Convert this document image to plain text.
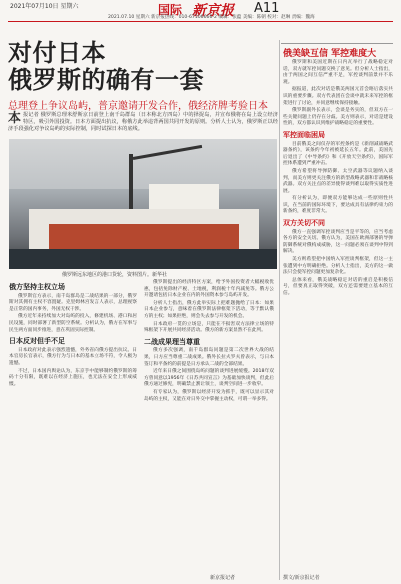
2021年07月10日 星期六	国际 新京报 A11
2021.07.10 星期六 新京报热线：010-67106666-2 编辑：张蕴 美编：陈朝 校对：赵琳 责编：魏海
对付日本
俄罗斯的确有一套
总理登上争议岛屿，普京邀请开发合作，俄经济牌考验日本
本 报记者 俄罗斯总理米舒斯京日前登上南千岛群岛（日本称北方四岛）中的择捉岛，并宣布俄将在岛上设立经济特区，吸引外国投资。日本方面提出抗议，称俄方此举违背两国共同开发的原则。分析人士认为，俄罗斯正以经济手段强化对争议岛屿的实际控制，同时试探日本的底线。
俄罗斯远东地区的港口货轮，资料图片。新华社
俄方坚持主权立场

俄罗斯官方表示，南千岛群岛是二战结果的一部分，俄罗斯对其拥有主权不容置疑。克里姆林宫发言人表示，总理视察是正常的国内事务，外国无权干涉。

俄方近年来持续加大对岛屿的投入，修建机场、港口和居民设施，同时部署了新型防空系统。分析认为，俄方在军事与民生两方面同步推进，意在巩固实际控制。

日本反对但手不足

日本政府对此表示强烈遗憾，外务省向俄方提出抗议。日本官房长官表示，俄方行为与日本的基本立场不符，令人极为遗憾。

不过，日本国内舆论认为，东京手中能够制约俄罗斯的筹码十分有限，既难以在经济上施压，也无法在安全上形成威慑。

俄罗斯提出的经济特区方案，给予外国投资者大幅税收优惠，包括免除财产税、土地税，利润税十年内减免等。俄方公开邀请包括日本企业在内的外国资本参与岛屿开发。

分析人士指出，俄方此举实际上把难题抛给了日本：如果日本企业参与，意味着在俄罗斯法律框架下活动，等于默认俄方的主权；如果拒绝，则会失去参与开发的机会。

日本政府一贯的立场是，只能在不损害双方法律立场的特殊框架下开展共同经济活动。俄方的新方案显然不在此列。

二战成果理当尊重

俄方多次强调，南千岛群岛问题是第二次世界大战的结果，日方应当尊重二战成果。俄外长拉夫罗夫曾表示，与日本签订和平条约的前提是日方承认二战的全部结果。

近年来日俄之间围绕岛屿问题的谈判进展缓慢。2018年双方曾同意以1956年《日苏共同宣言》为基础加快谈判，但此后俄方通过修宪，明确禁止割让领土，谈判空间进一步收窄。

有专家认为，俄罗斯以经济开发为抓手，既可以显示其对岛屿的主权，又能在对日外交中掌握主动权，可谓一举多得。

俄美缺互信 军控难度大

俄罗斯和美国近期在日内瓦举行了战略稳定对话，双方就军控问题交换了意见。但分析人士指出，由于两国之间互信严重不足，军控谈判前景并不乐观。

据报道，此次对话是俄美两国元首会晤后落实共识的重要步骤。双方代表团在会谈中就未来军控的框架进行了讨论，并同意继续保持接触。

俄罗斯副外长表示，会谈是务实的，但双方在一些关键问题上仍存在分歧。美方则表示，对话是建设性的，双方都认识到维护战略稳定的重要性。

军控面临困局

目前俄美之间仅存的军控条约是《新削减战略武器条约》，该条约今年初被延长五年。此前，美国先后退出了《中导条约》和《开放天空条约》，国际军控体系遭到严重冲击。

俄方希望将导弹防御、太空武器等议题纳入谈判，而美方则更关注俄方的新型战略武器和非战略核武器。双方关注点的差异使得谈判难以取得实质性进展。

有分析认为，即便双方能够达成一些原则性共识，在当前的国际环境下，要达成具有法律约束力的新条约，难度非常大。

双方关切不同

俄方一直强调军控谈判应当是平等的，应当考虑各方的安全关切。俄方认为，美国在欧洲部署的导弹防御系统对俄构成威胁，这一问题必须在谈判中得到解决。

美方则希望把中国纳入军控谈判框架，但这一主张遭到中方明确拒绝。分析人士指出，美方的这一做法只会使军控问题更加复杂化。

总体来看，俄美战略稳定对话的重启是积极信号，但要真正取得突破，双方还需要建立基本的互信。

新京报记者	撰文/新京报记者
